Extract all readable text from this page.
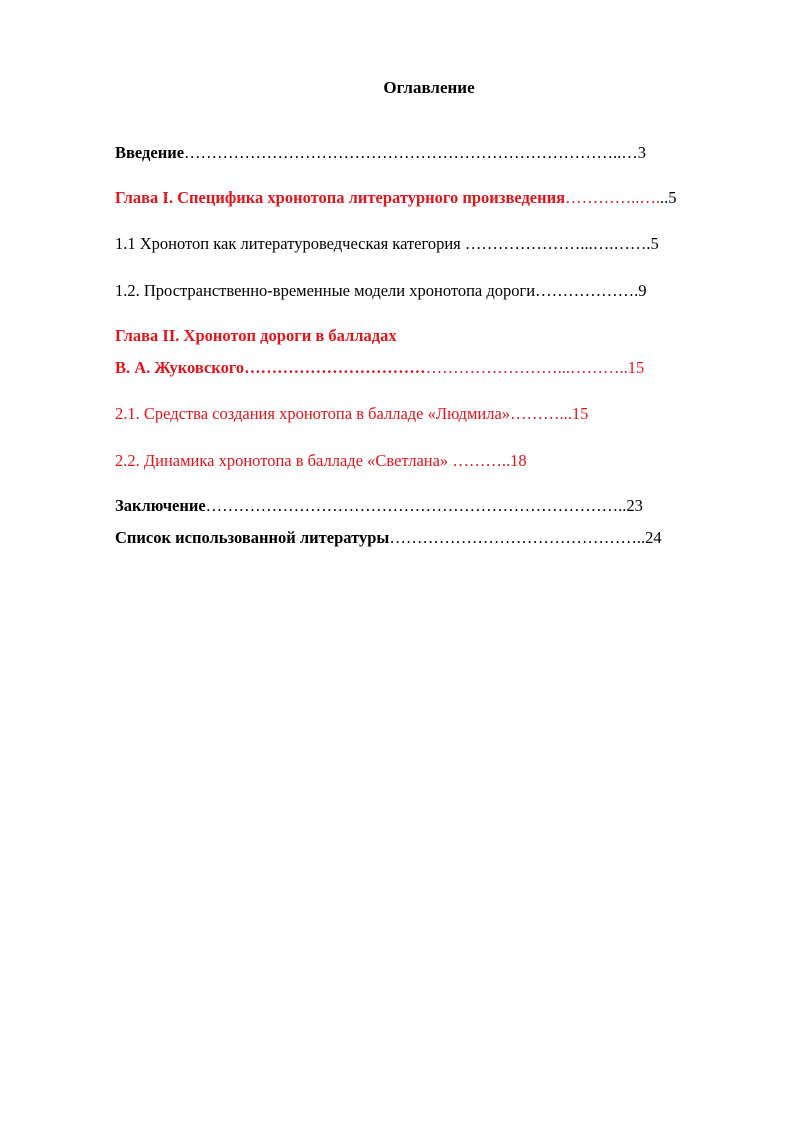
Оглавление
Введение……………………………………………………………………..…3
Глава I. Специфика хронотопа литературного произведения…………..…...5
1.1 Хронотоп как литературоведческая категория …………………...….…….5
1.2. Пространственно-временные модели хронотопа дороги……………….9
Глава II. Хронотоп дороги в балладах
В. А. Жуковского…………………………………………………...………..15
2.1. Средства создания хронотопа в балладе «Людмила»………...15
2.2. Динамика хронотопа в балладе «Светлана» ………..18
Заключение…………………………………………………………………..23
Список использованной литературы………………………………………..24
